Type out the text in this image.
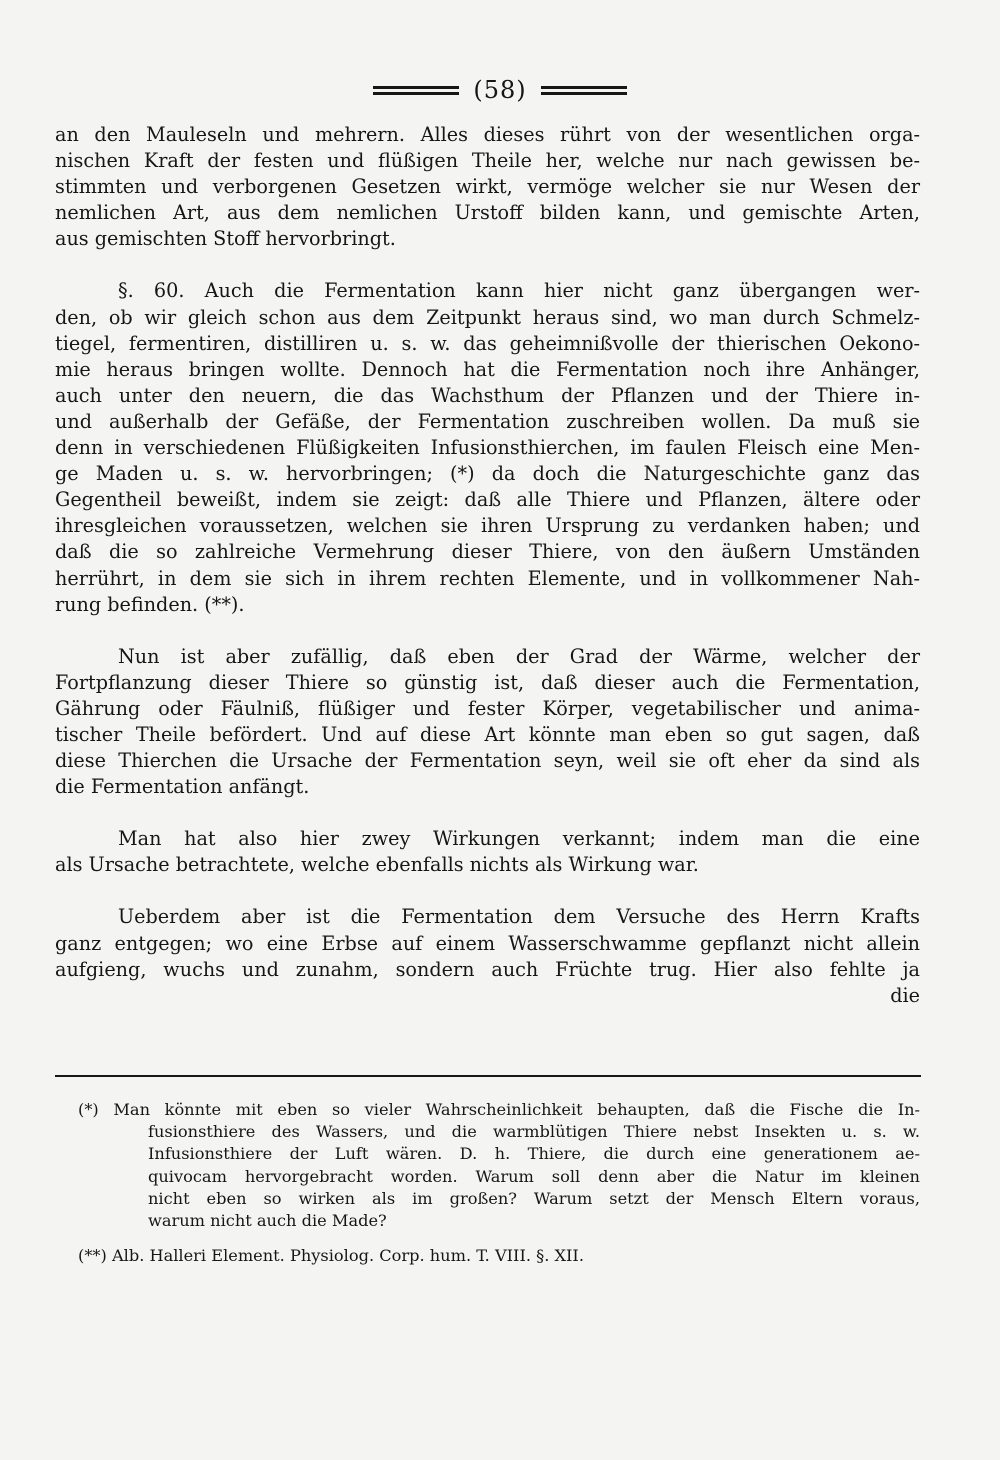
(58)
an den Mauleseln und mehrern. Alles dieses rührt von der wesentlichen orga-
nischen Kraft der festen und flüßigen Theile her, welche nur nach gewissen be-
stimmten und verborgenen Gesetzen wirkt, vermöge welcher sie nur Wesen der
nemlichen Art, aus dem nemlichen Urstoff bilden kann, und gemischte Arten,
aus gemischten Stoff hervorbringt.
§. 60. Auch die Fermentation kann hier nicht ganz übergangen wer-
den, ob wir gleich schon aus dem Zeitpunkt heraus sind, wo man durch Schmelz-
tiegel, fermentiren, distilliren u. s. w. das geheimnißvolle der thierischen Oekono-
mie heraus bringen wollte. Dennoch hat die Fermentation noch ihre Anhänger,
auch unter den neuern, die das Wachsthum der Pflanzen und der Thiere in-
und außerhalb der Gefäße, der Fermentation zuschreiben wollen. Da muß sie
denn in verschiedenen Flüßigkeiten Infusionsthierchen, im faulen Fleisch eine Men-
ge Maden u. s. w. hervorbringen; (*) da doch die Naturgeschichte ganz das
Gegentheil beweißt, indem sie zeigt: daß alle Thiere und Pflanzen, ältere oder
ihresgleichen voraussetzen, welchen sie ihren Ursprung zu verdanken haben; und
daß die so zahlreiche Vermehrung dieser Thiere, von den äußern Umständen
herrührt, in dem sie sich in ihrem rechten Elemente, und in vollkommener Nah-
rung befinden. (**).
Nun ist aber zufällig, daß eben der Grad der Wärme, welcher der
Fortpflanzung dieser Thiere so günstig ist, daß dieser auch die Fermentation,
Gährung oder Fäulniß, flüßiger und fester Körper, vegetabilischer und anima-
tischer Theile befördert. Und auf diese Art könnte man eben so gut sagen, daß
diese Thierchen die Ursache der Fermentation seyn, weil sie oft eher da sind als
die Fermentation anfängt.
Man hat also hier zwey Wirkungen verkannt; indem man die eine
als Ursache betrachtete, welche ebenfalls nichts als Wirkung war.
Ueberdem aber ist die Fermentation dem Versuche des Herrn Krafts
ganz entgegen; wo eine Erbse auf einem Wasserschwamme gepflanzt nicht allein
aufgieng, wuchs und zunahm, sondern auch Früchte trug. Hier also fehlte ja
die
(*) Man könnte mit eben so vieler Wahrscheinlichkeit behaupten, daß die Fische die In-
fusionsthiere des Wassers, und die warmblütigen Thiere nebst Insekten u. s. w.
Infusionsthiere der Luft wären. D. h. Thiere, die durch eine generationem ae-
quivocam hervorgebracht worden. Warum soll denn aber die Natur im kleinen
nicht eben so wirken als im großen? Warum setzt der Mensch Eltern voraus,
warum nicht auch die Made?
(**) Alb. Halleri Element. Physiolog. Corp. hum. T. VIII. §. XII.
